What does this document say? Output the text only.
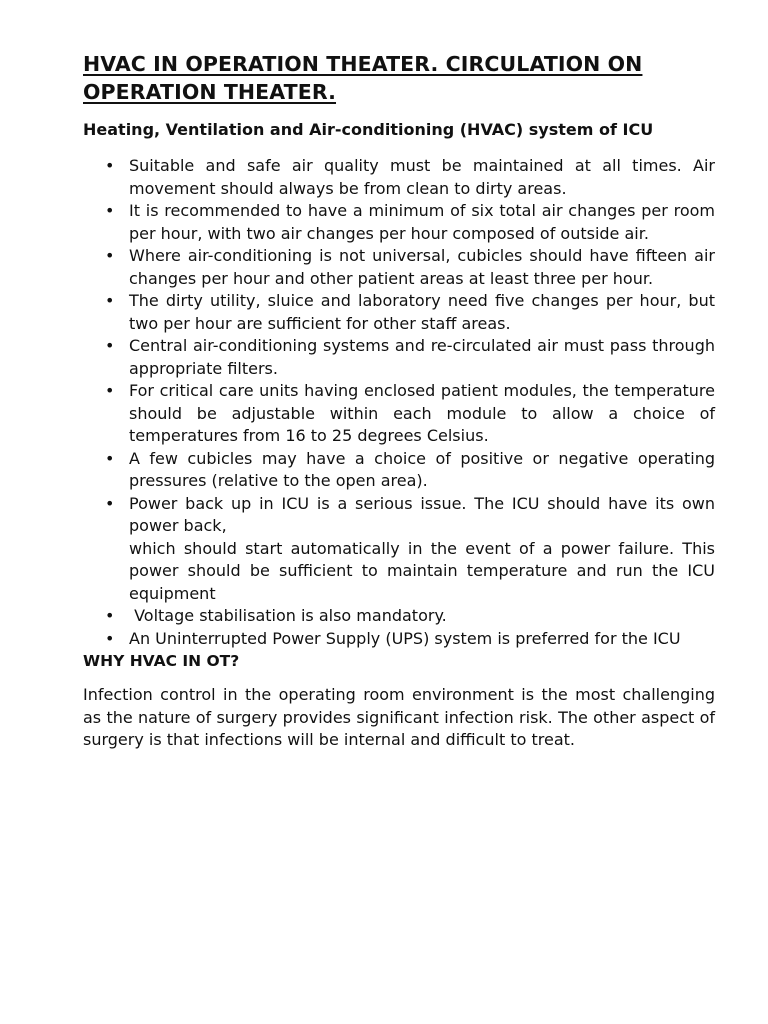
HVAC IN OPERATION THEATER. CIRCULATION ON OPERATION THEATER.

Heating, Ventilation and Air-conditioning (HVAC) system of ICU

• Suitable and safe air quality must be maintained at all times. Air movement should always be from clean to dirty areas.
• It is recommended to have a minimum of six total air changes per room per hour, with two air changes per hour composed of outside air.
• Where air-conditioning is not universal, cubicles should have fifteen air changes per hour and other patient areas at least three per hour.
• The dirty utility, sluice and laboratory need five changes per hour, but two per hour are sufficient for other staff areas.
• Central air-conditioning systems and re-circulated air must pass through appropriate filters.
• For critical care units having enclosed patient modules, the temperature should be adjustable within each module to allow a choice of temperatures from 16 to 25 degrees Celsius.
• A few cubicles may have a choice of positive or negative operating pressures (relative to the open area).
• Power back up in ICU is a serious issue. The ICU should have its own power back,
which should start automatically in the event of a power failure. This power should be sufficient to maintain temperature and run the ICU equipment
• Voltage stabilisation is also mandatory.
• An Uninterrupted Power Supply (UPS) system is preferred for the ICU

WHY HVAC IN OT?

Infection control in the operating room environment is the most challenging as the nature of surgery provides significant infection risk. The other aspect of surgery is that infections will be internal and difficult to treat.
